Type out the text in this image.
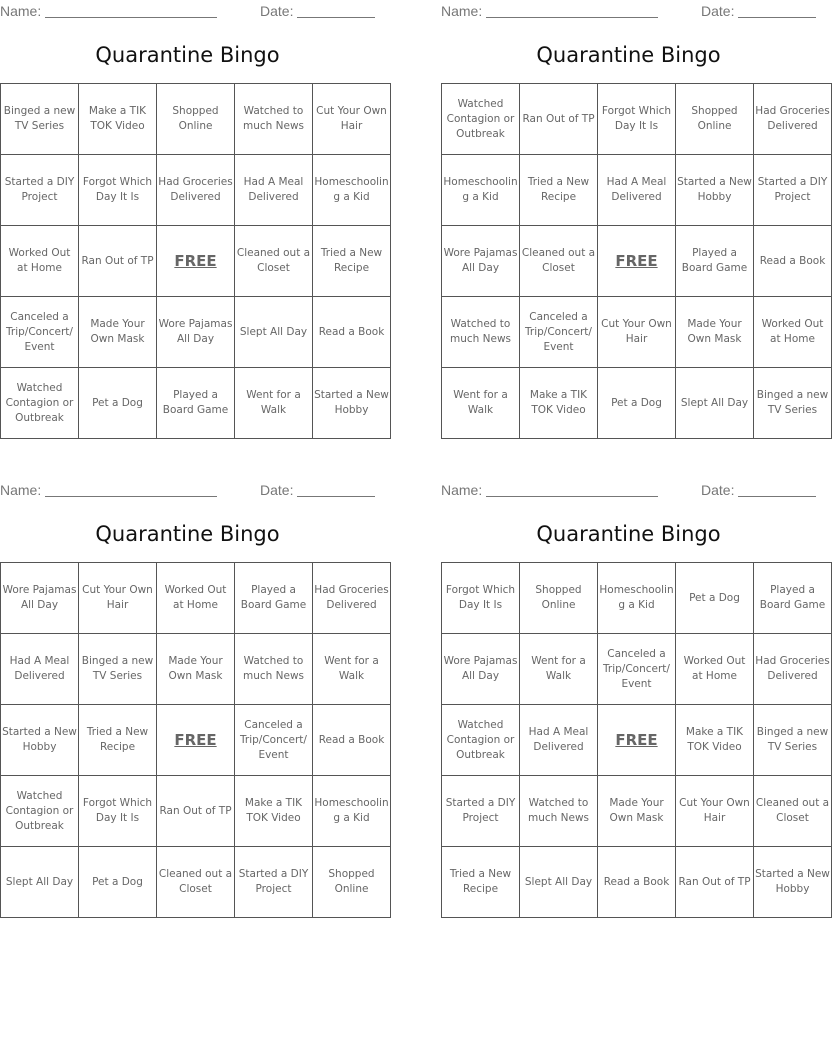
Name:	Date:
Quarantine Bingo
Binged a new TV Series	Make a TIK TOK Video	Shopped Online	Watched to much News	Cut Your Own Hair
Started a DIY Project	Forgot Which Day It Is	Had Groceries Delivered	Had A Meal Delivered	Homeschoolin g a Kid
Worked Out at Home	Ran Out of TP	FREE	Cleaned out a Closet	Tried a New Recipe
Canceled a Trip/Concert/ Event	Made Your Own Mask	Wore Pajamas All Day	Slept All Day	Read a Book
Watched Contagion or Outbreak	Pet a Dog	Played a Board Game	Went for a Walk	Started a New Hobby
Name:	Date:
Quarantine Bingo
Watched Contagion or Outbreak	Ran Out of TP	Forgot Which Day It Is	Shopped Online	Had Groceries Delivered
Homeschoolin g a Kid	Tried a New Recipe	Had A Meal Delivered	Started a New Hobby	Started a DIY Project
Wore Pajamas All Day	Cleaned out a Closet	FREE	Played a Board Game	Read a Book
Watched to much News	Canceled a Trip/Concert/ Event	Cut Your Own Hair	Made Your Own Mask	Worked Out at Home
Went for a Walk	Make a TIK TOK Video	Pet a Dog	Slept All Day	Binged a new TV Series
Name:	Date:
Quarantine Bingo
Wore Pajamas All Day	Cut Your Own Hair	Worked Out at Home	Played a Board Game	Had Groceries Delivered
Had A Meal Delivered	Binged a new TV Series	Made Your Own Mask	Watched to much News	Went for a Walk
Started a New Hobby	Tried a New Recipe	FREE	Canceled a Trip/Concert/ Event	Read a Book
Watched Contagion or Outbreak	Forgot Which Day It Is	Ran Out of TP	Make a TIK TOK Video	Homeschoolin g a Kid
Slept All Day	Pet a Dog	Cleaned out a Closet	Started a DIY Project	Shopped Online
Name:	Date:
Quarantine Bingo
Forgot Which Day It Is	Shopped Online	Homeschoolin g a Kid	Pet a Dog	Played a Board Game
Wore Pajamas All Day	Went for a Walk	Canceled a Trip/Concert/ Event	Worked Out at Home	Had Groceries Delivered
Watched Contagion or Outbreak	Had A Meal Delivered	FREE	Make a TIK TOK Video	Binged a new TV Series
Started a DIY Project	Watched to much News	Made Your Own Mask	Cut Your Own Hair	Cleaned out a Closet
Tried a New Recipe	Slept All Day	Read a Book	Ran Out of TP	Started a New Hobby
